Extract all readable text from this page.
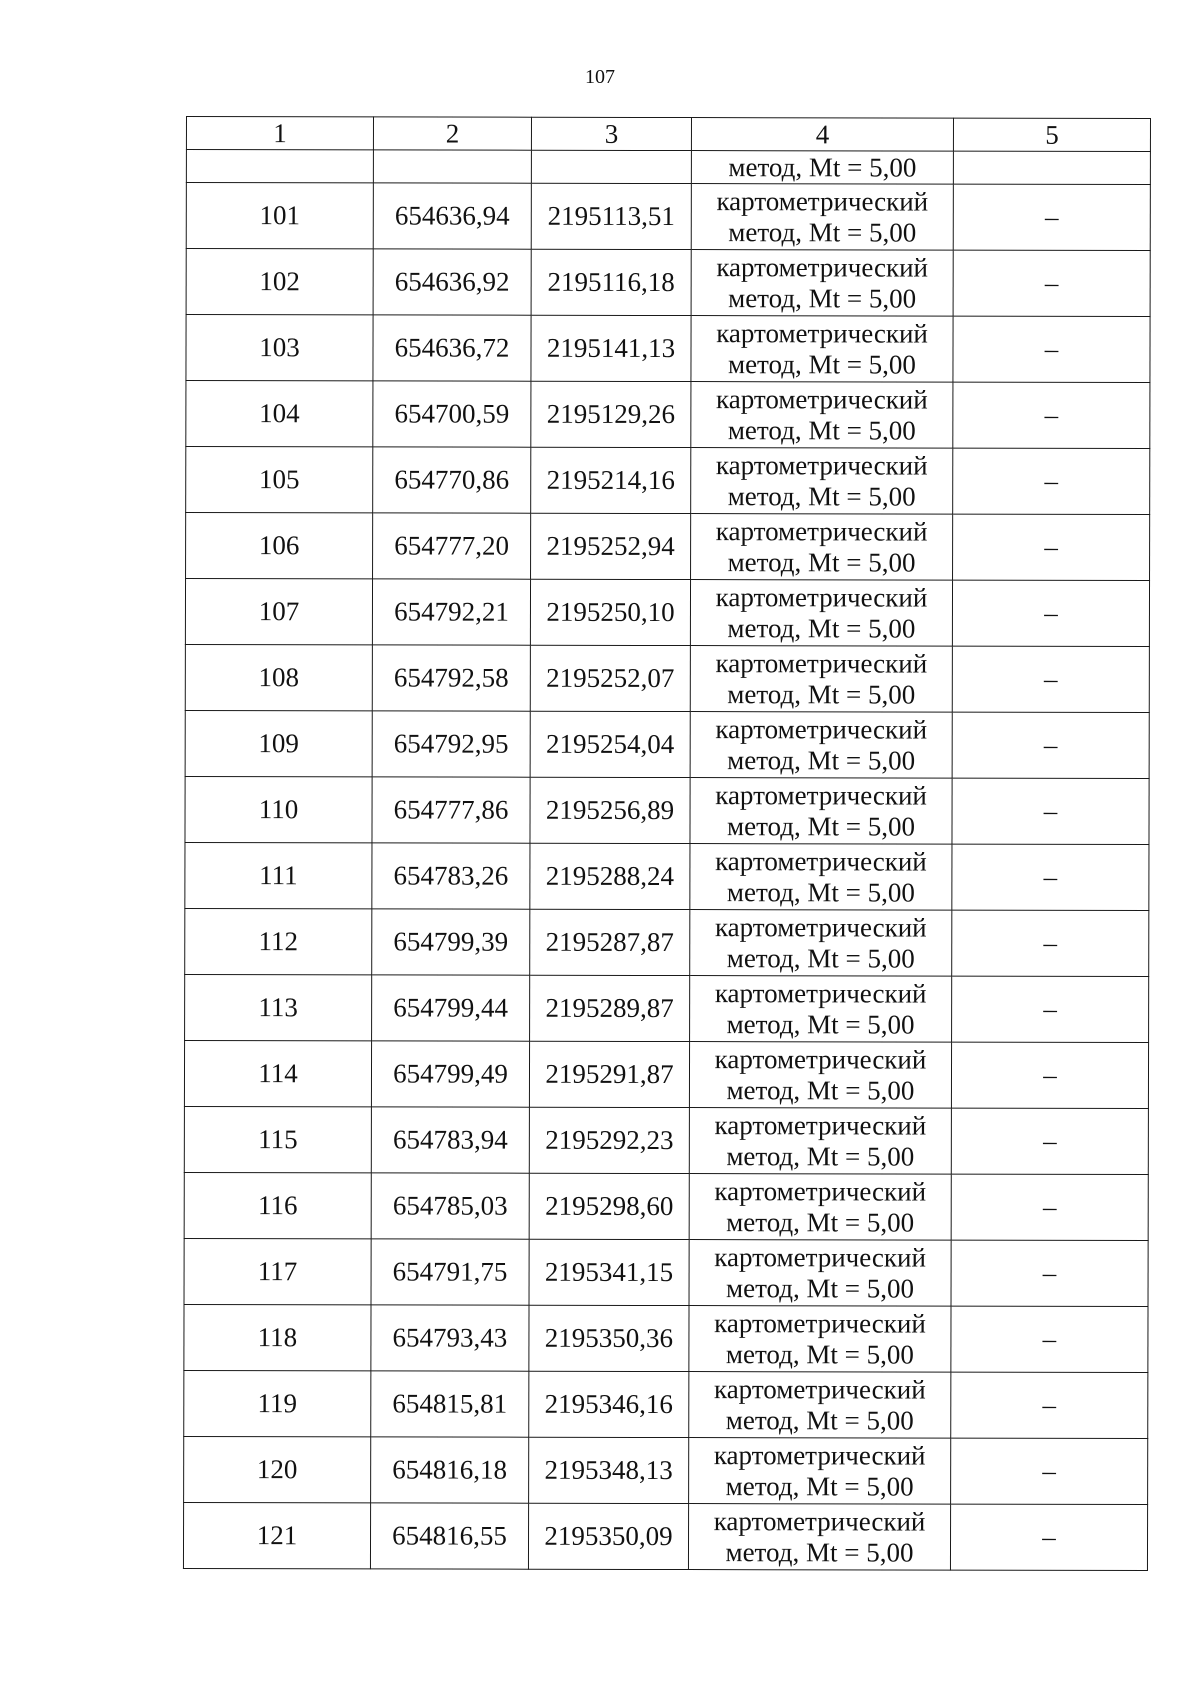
107
1	2	3	4	5
			метод, Mt = 5,00	
101	654636,94	2195113,51	картометрический
метод, Mt = 5,00	–
102	654636,92	2195116,18	картометрический
метод, Mt = 5,00	–
103	654636,72	2195141,13	картометрический
метод, Mt = 5,00	–
104	654700,59	2195129,26	картометрический
метод, Mt = 5,00	–
105	654770,86	2195214,16	картометрический
метод, Mt = 5,00	–
106	654777,20	2195252,94	картометрический
метод, Mt = 5,00	–
107	654792,21	2195250,10	картометрический
метод, Mt = 5,00	–
108	654792,58	2195252,07	картометрический
метод, Mt = 5,00	–
109	654792,95	2195254,04	картометрический
метод, Mt = 5,00	–
110	654777,86	2195256,89	картометрический
метод, Mt = 5,00	–
111	654783,26	2195288,24	картометрический
метод, Mt = 5,00	–
112	654799,39	2195287,87	картометрический
метод, Mt = 5,00	–
113	654799,44	2195289,87	картометрический
метод, Mt = 5,00	–
114	654799,49	2195291,87	картометрический
метод, Mt = 5,00	–
115	654783,94	2195292,23	картометрический
метод, Mt = 5,00	–
116	654785,03	2195298,60	картометрический
метод, Mt = 5,00	–
117	654791,75	2195341,15	картометрический
метод, Mt = 5,00	–
118	654793,43	2195350,36	картометрический
метод, Mt = 5,00	–
119	654815,81	2195346,16	картометрический
метод, Mt = 5,00	–
120	654816,18	2195348,13	картометрический
метод, Mt = 5,00	–
121	654816,55	2195350,09	картометрический
метод, Mt = 5,00	–
